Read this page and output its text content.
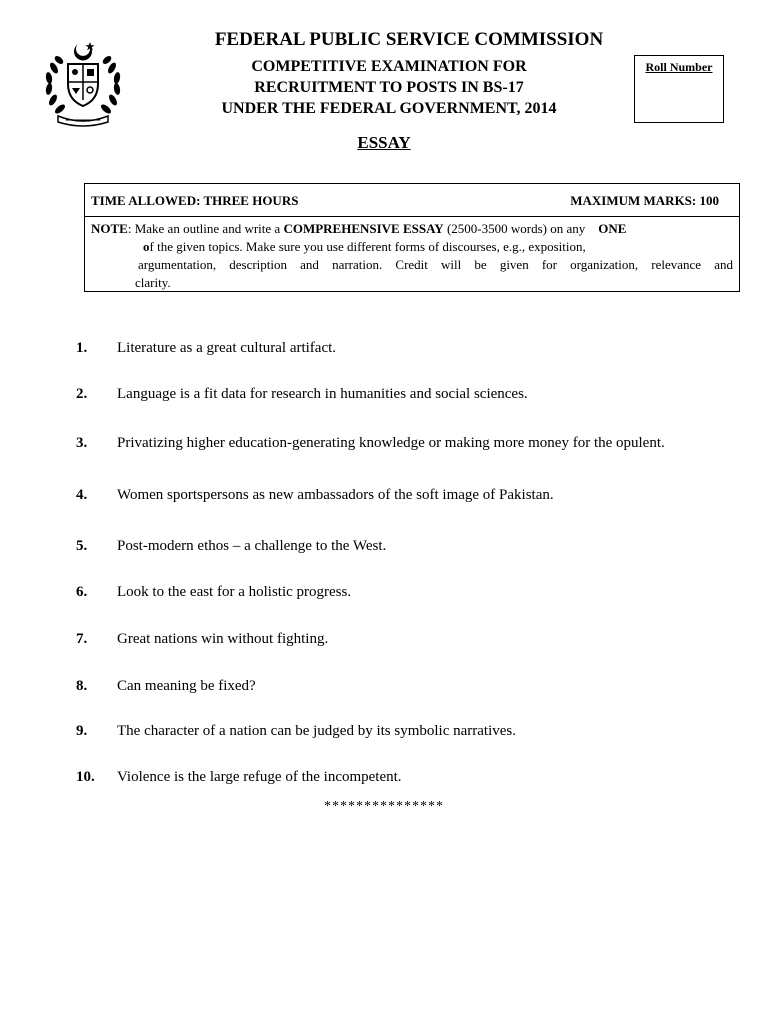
FEDERAL PUBLIC SERVICE COMMISSION
COMPETITIVE EXAMINATION FOR
RECRUITMENT TO POSTS IN BS-17
UNDER THE FEDERAL GOVERNMENT, 2014
Roll Number
ESSAY
TIME ALLOWED: THREE HOURS	MAXIMUM MARKS: 100
NOTE: Make an outline and write a COMPREHENSIVE ESSAY (2500-3500 words) on any    ONE
of the given topics. Make sure you use different forms of discourses, e.g., exposition,
argumentation, description and narration. Credit will be given for organization, relevance and
clarity.
1.	Literature as a great cultural artifact.
2.	Language is a fit data for research in humanities and social sciences.
3.	Privatizing higher education-generating knowledge or making more money for the opulent.
4.	Women sportspersons as new ambassadors of the soft image of Pakistan.
5.	Post-modern ethos – a challenge to the West.
6.	Look to the east for a holistic progress.
7.	Great nations win without fighting.
8.	Can meaning be fixed?
9.	The character of a nation can be judged by its symbolic narratives.
10.	Violence is the large refuge of the incompetent.
***************
